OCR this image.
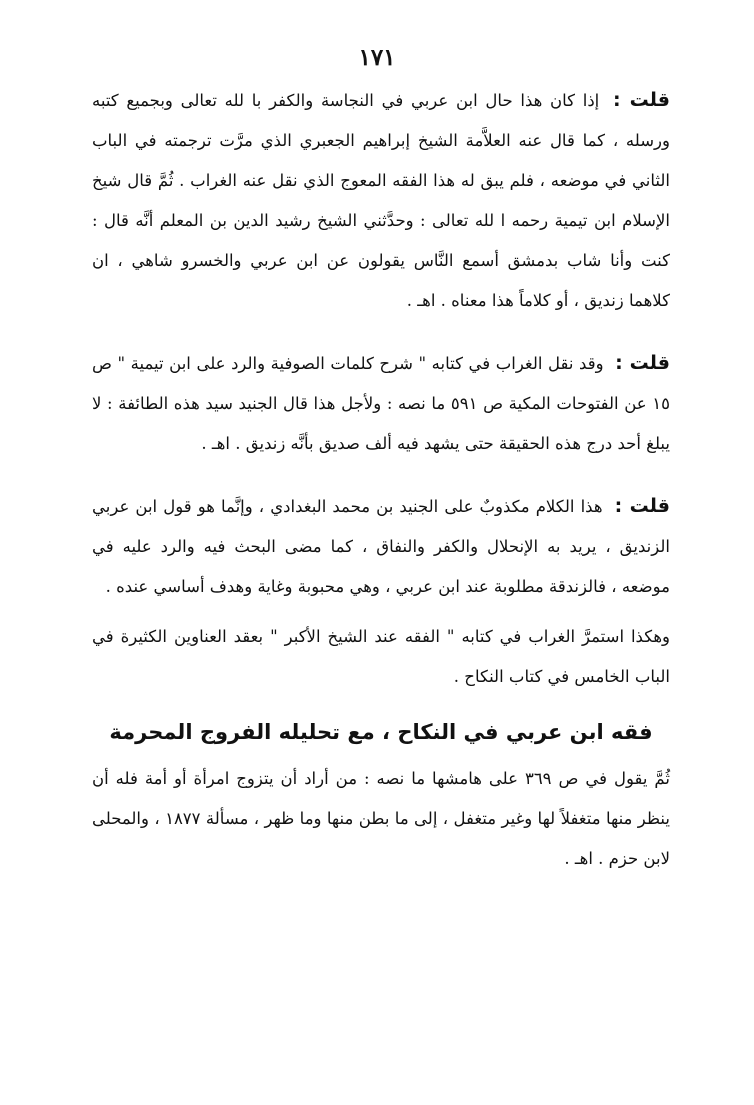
١٧١

قلت : إذا كان هذا حال ابن عربي في النجاسة والكفر با لله تعالى وبجميع كتبه ورسله ، كما قال عنه العلاَّمة الشيخ إبراهيم الجعبري الذي مرَّت ترجمته في الباب الثاني في موضعه ، فلم يبق له هذا الفقه المعوج الذي نقل عنه الغراب . ثُمَّ قال شيخ الإسلام ابن تيمية رحمه ا لله تعالى : وحدَّثني الشيخ رشيد الدين بن المعلم أنَّه قال : كنت وأنا شاب بدمشق أسمع النَّاس يقولون عن ابن عربي والخسرو شاهي ، ان كلاهما زنديق ، أو كلاماً هذا معناه . اهـ .

قلت : وقد نقل الغراب في كتابه " شرح كلمات الصوفية والرد على ابن تيمية " ص ١٥ عن الفتوحات المكية ص ٥٩١ ما نصه : ولأجل هذا قال الجنيد سيد هذه الطائفة : لا يبلغ أحد درج هذه الحقيقة حتى يشهد فيه ألف صديق بأنَّه زنديق . اهـ .

قلت : هذا الكلام مكذوبٌ على الجنيد بن محمد البغدادي ، وإنَّما هو قول ابن عربي الزنديق ، يريد به الإنحلال والكفر والنفاق ، كما مضى البحث فيه والرد عليه في موضعه ، فالزندقة مطلوبة عند ابن عربي ، وهي محبوبة وغاية وهدف أساسي عنده .

وهكذا استمرَّ الغراب في كتابه " الفقه عند الشيخ الأكبر " بعقد العناوين الكثيرة في الباب الخامس في كتاب النكاح .

فقه ابن عربي في النكاح ، مع تحليله الفروج المحرمة

ثُمَّ يقول في ص ٣٦٩ على هامشها ما نصه : من أراد أن يتزوج امرأة أو أمة فله أن ينظر منها متغفلاً لها وغير متغفل ، إلى ما بطن منها وما ظهر ، مسألة ١٨٧٧ ، والمحلى لابن حزم . اهـ .
